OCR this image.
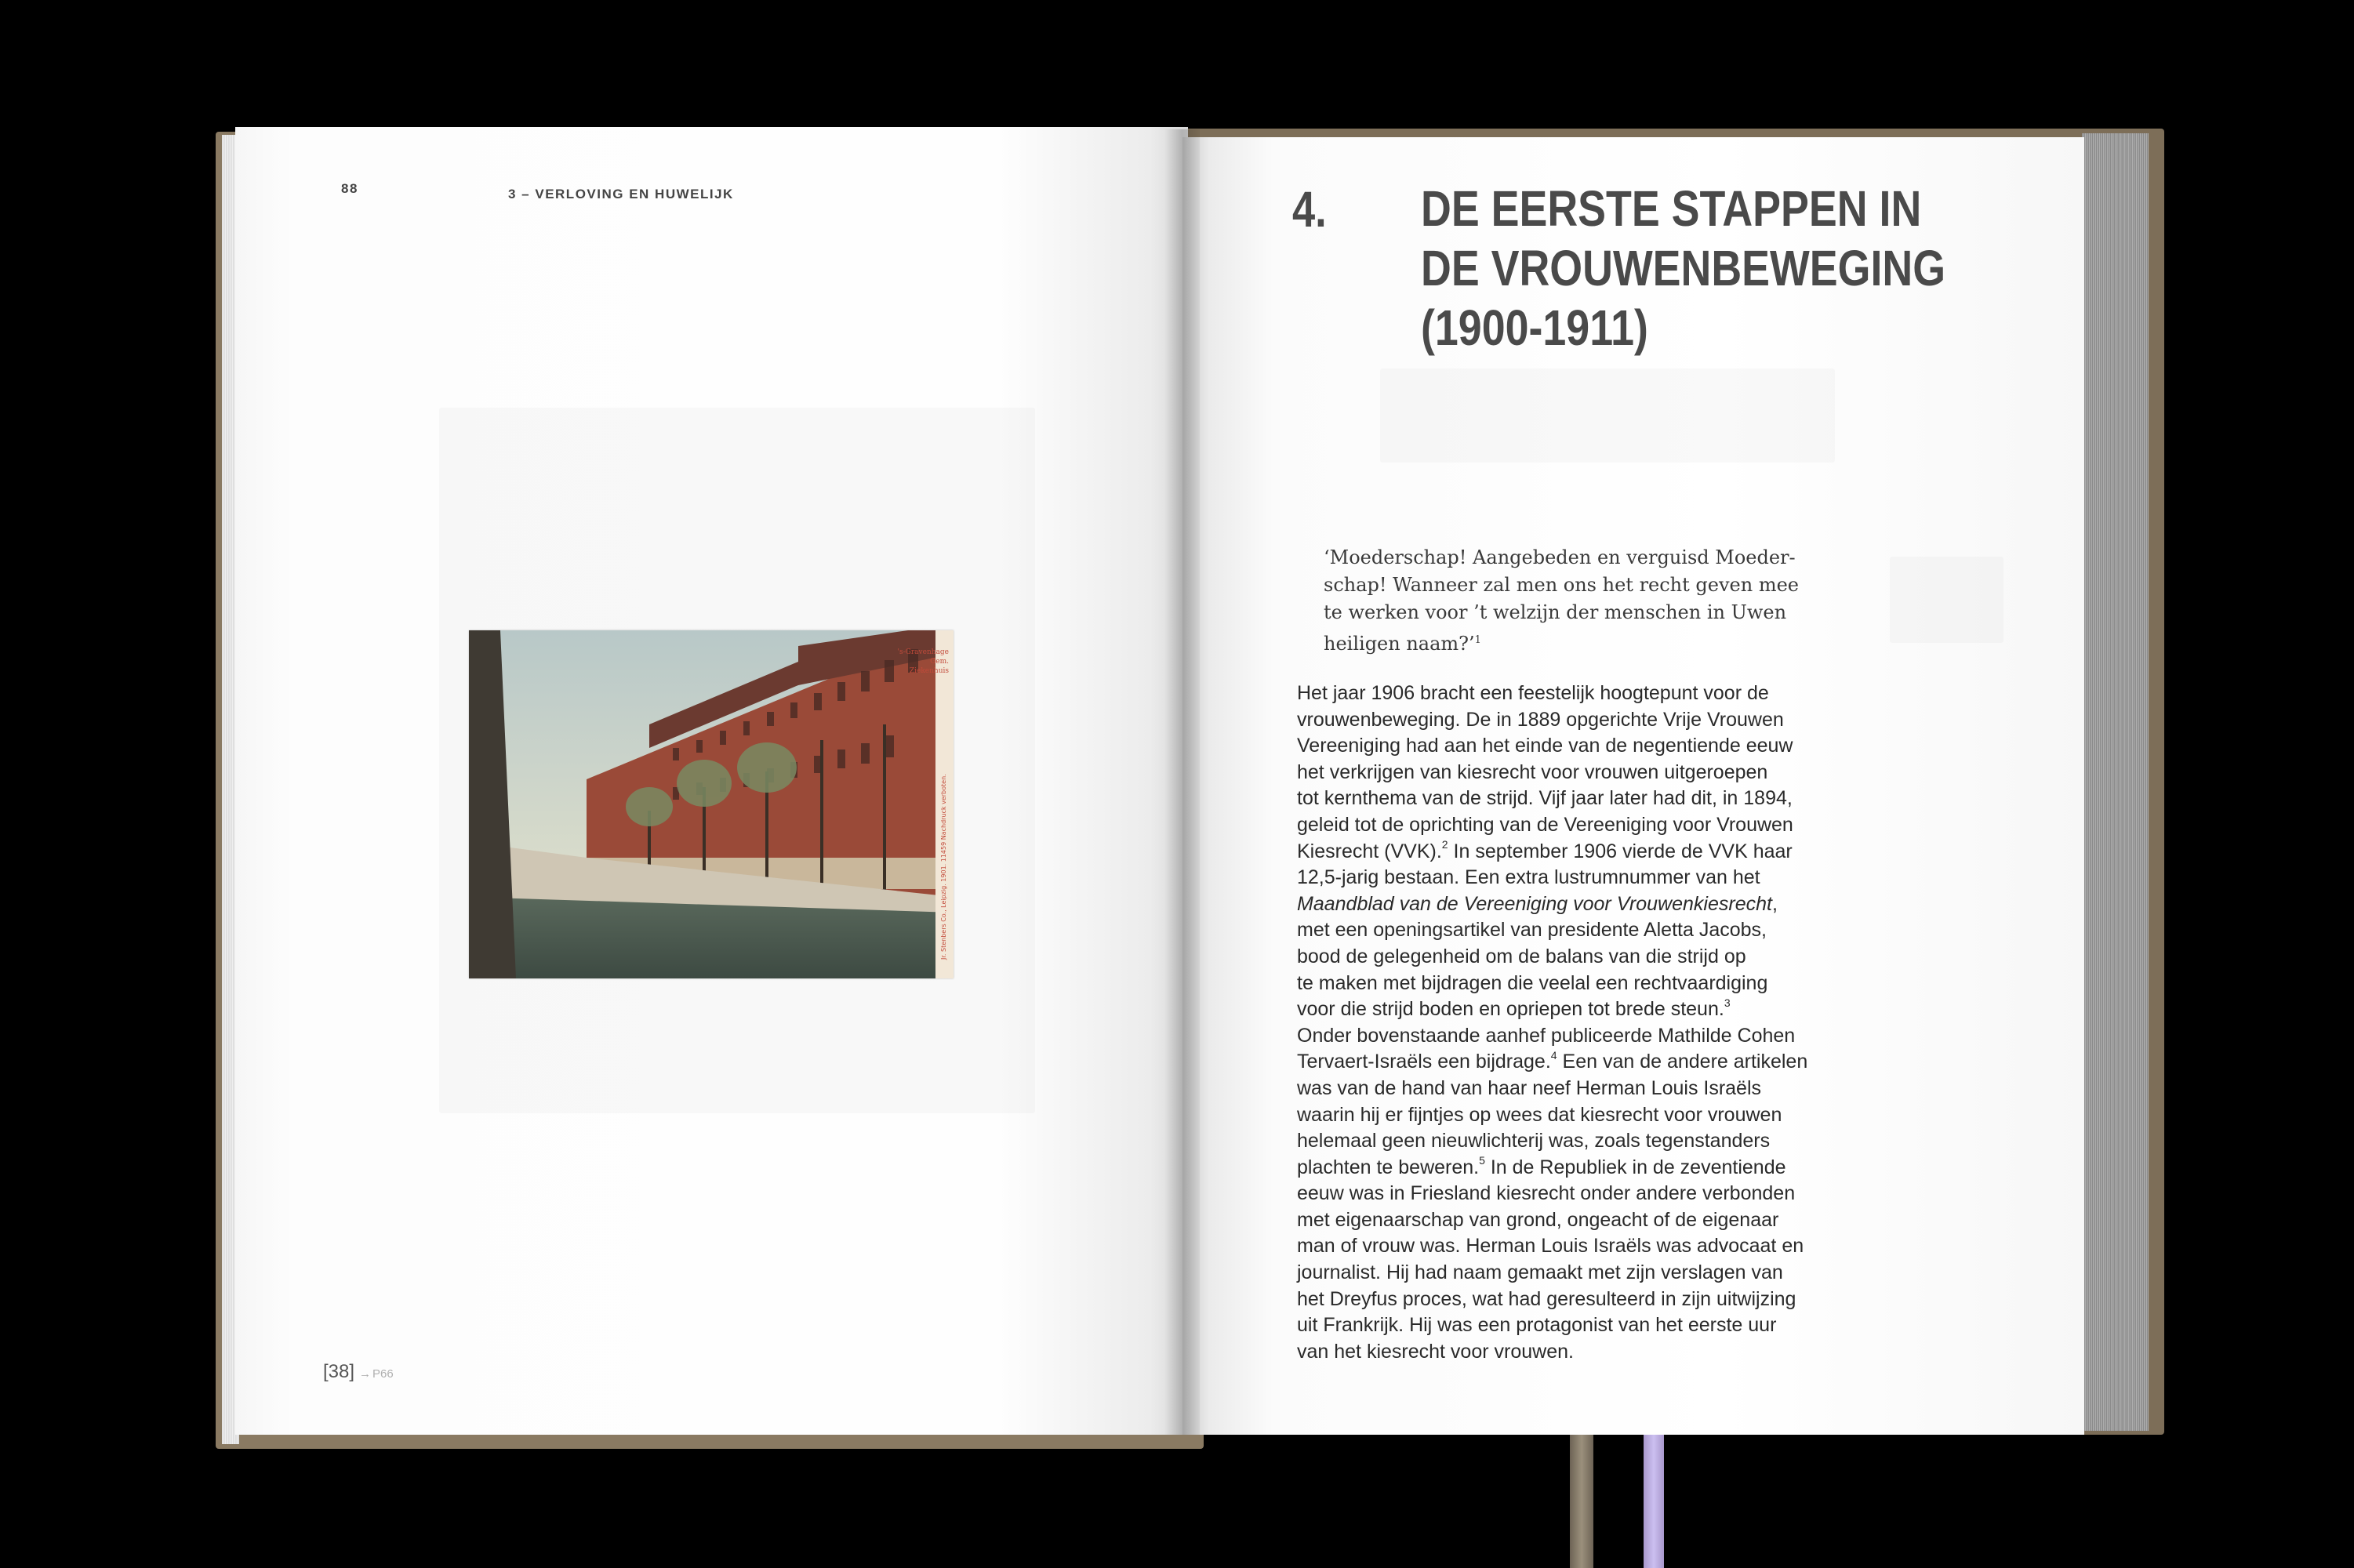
88	3 – VERLOVING EN HUWELIJK
's-Gravenhage
Gem.
Ziekenhuis
Jr. Stenbers Co., Leipzig. 1901. 11459 Nachdruck verboten.
[38] → P66
4. DE EERSTE STAPPEN IN
DE VROUWENBEWEGING
(1900-1911)
‘Moederschap! Aangebeden en verguisd Moeder-
schap! Wanneer zal men ons het recht geven mee
te werken voor ’t welzijn der menschen in Uwen
heiligen naam?’$^1$
Het jaar 1906 bracht een feestelijk hoogtepunt voor de
vrouwenbeweging. De in 1889 opgerichte Vrije Vrouwen
Vereeniging had aan het einde van de negentiende eeuw
het verkrijgen van kiesrecht voor vrouwen uitgeroepen
tot kernthema van de strijd. Vijf jaar later had dit, in 1894,
geleid tot de oprichting van de Vereeniging voor Vrouwen
Kiesrecht (VVK).$^2$ In september 1906 vierde de VVK haar
12,5-jarig bestaan. Een extra lustrumnummer van het
Maandblad van de Vereeniging voor Vrouwenkiesrecht,
met een openingsartikel van presidente Aletta Jacobs,
bood de gelegenheid om de balans van die strijd op
te maken met bijdragen die veelal een rechtvaardiging
voor die strijd boden en opriepen tot brede steun.$^3$
Onder bovenstaande aanhef publiceerde Mathilde Cohen
Tervaert-Israëls een bijdrage.$^4$ Een van de andere artikelen
was van de hand van haar neef Herman Louis Israëls
waarin hij er fijntjes op wees dat kiesrecht voor vrouwen
helemaal geen nieuwlichterij was, zoals tegenstanders
plachten te beweren.$^5$ In de Republiek in de zeventiende
eeuw was in Friesland kiesrecht onder andere verbonden
met eigenaarschap van grond, ongeacht of de eigenaar
man of vrouw was. Herman Louis Israëls was advocaat en
journalist. Hij had naam gemaakt met zijn verslagen van
het Dreyfus proces, wat had geresulteerd in zijn uitwijzing
uit Frankrijk. Hij was een protagonist van het eerste uur
van het kiesrecht voor vrouwen.
